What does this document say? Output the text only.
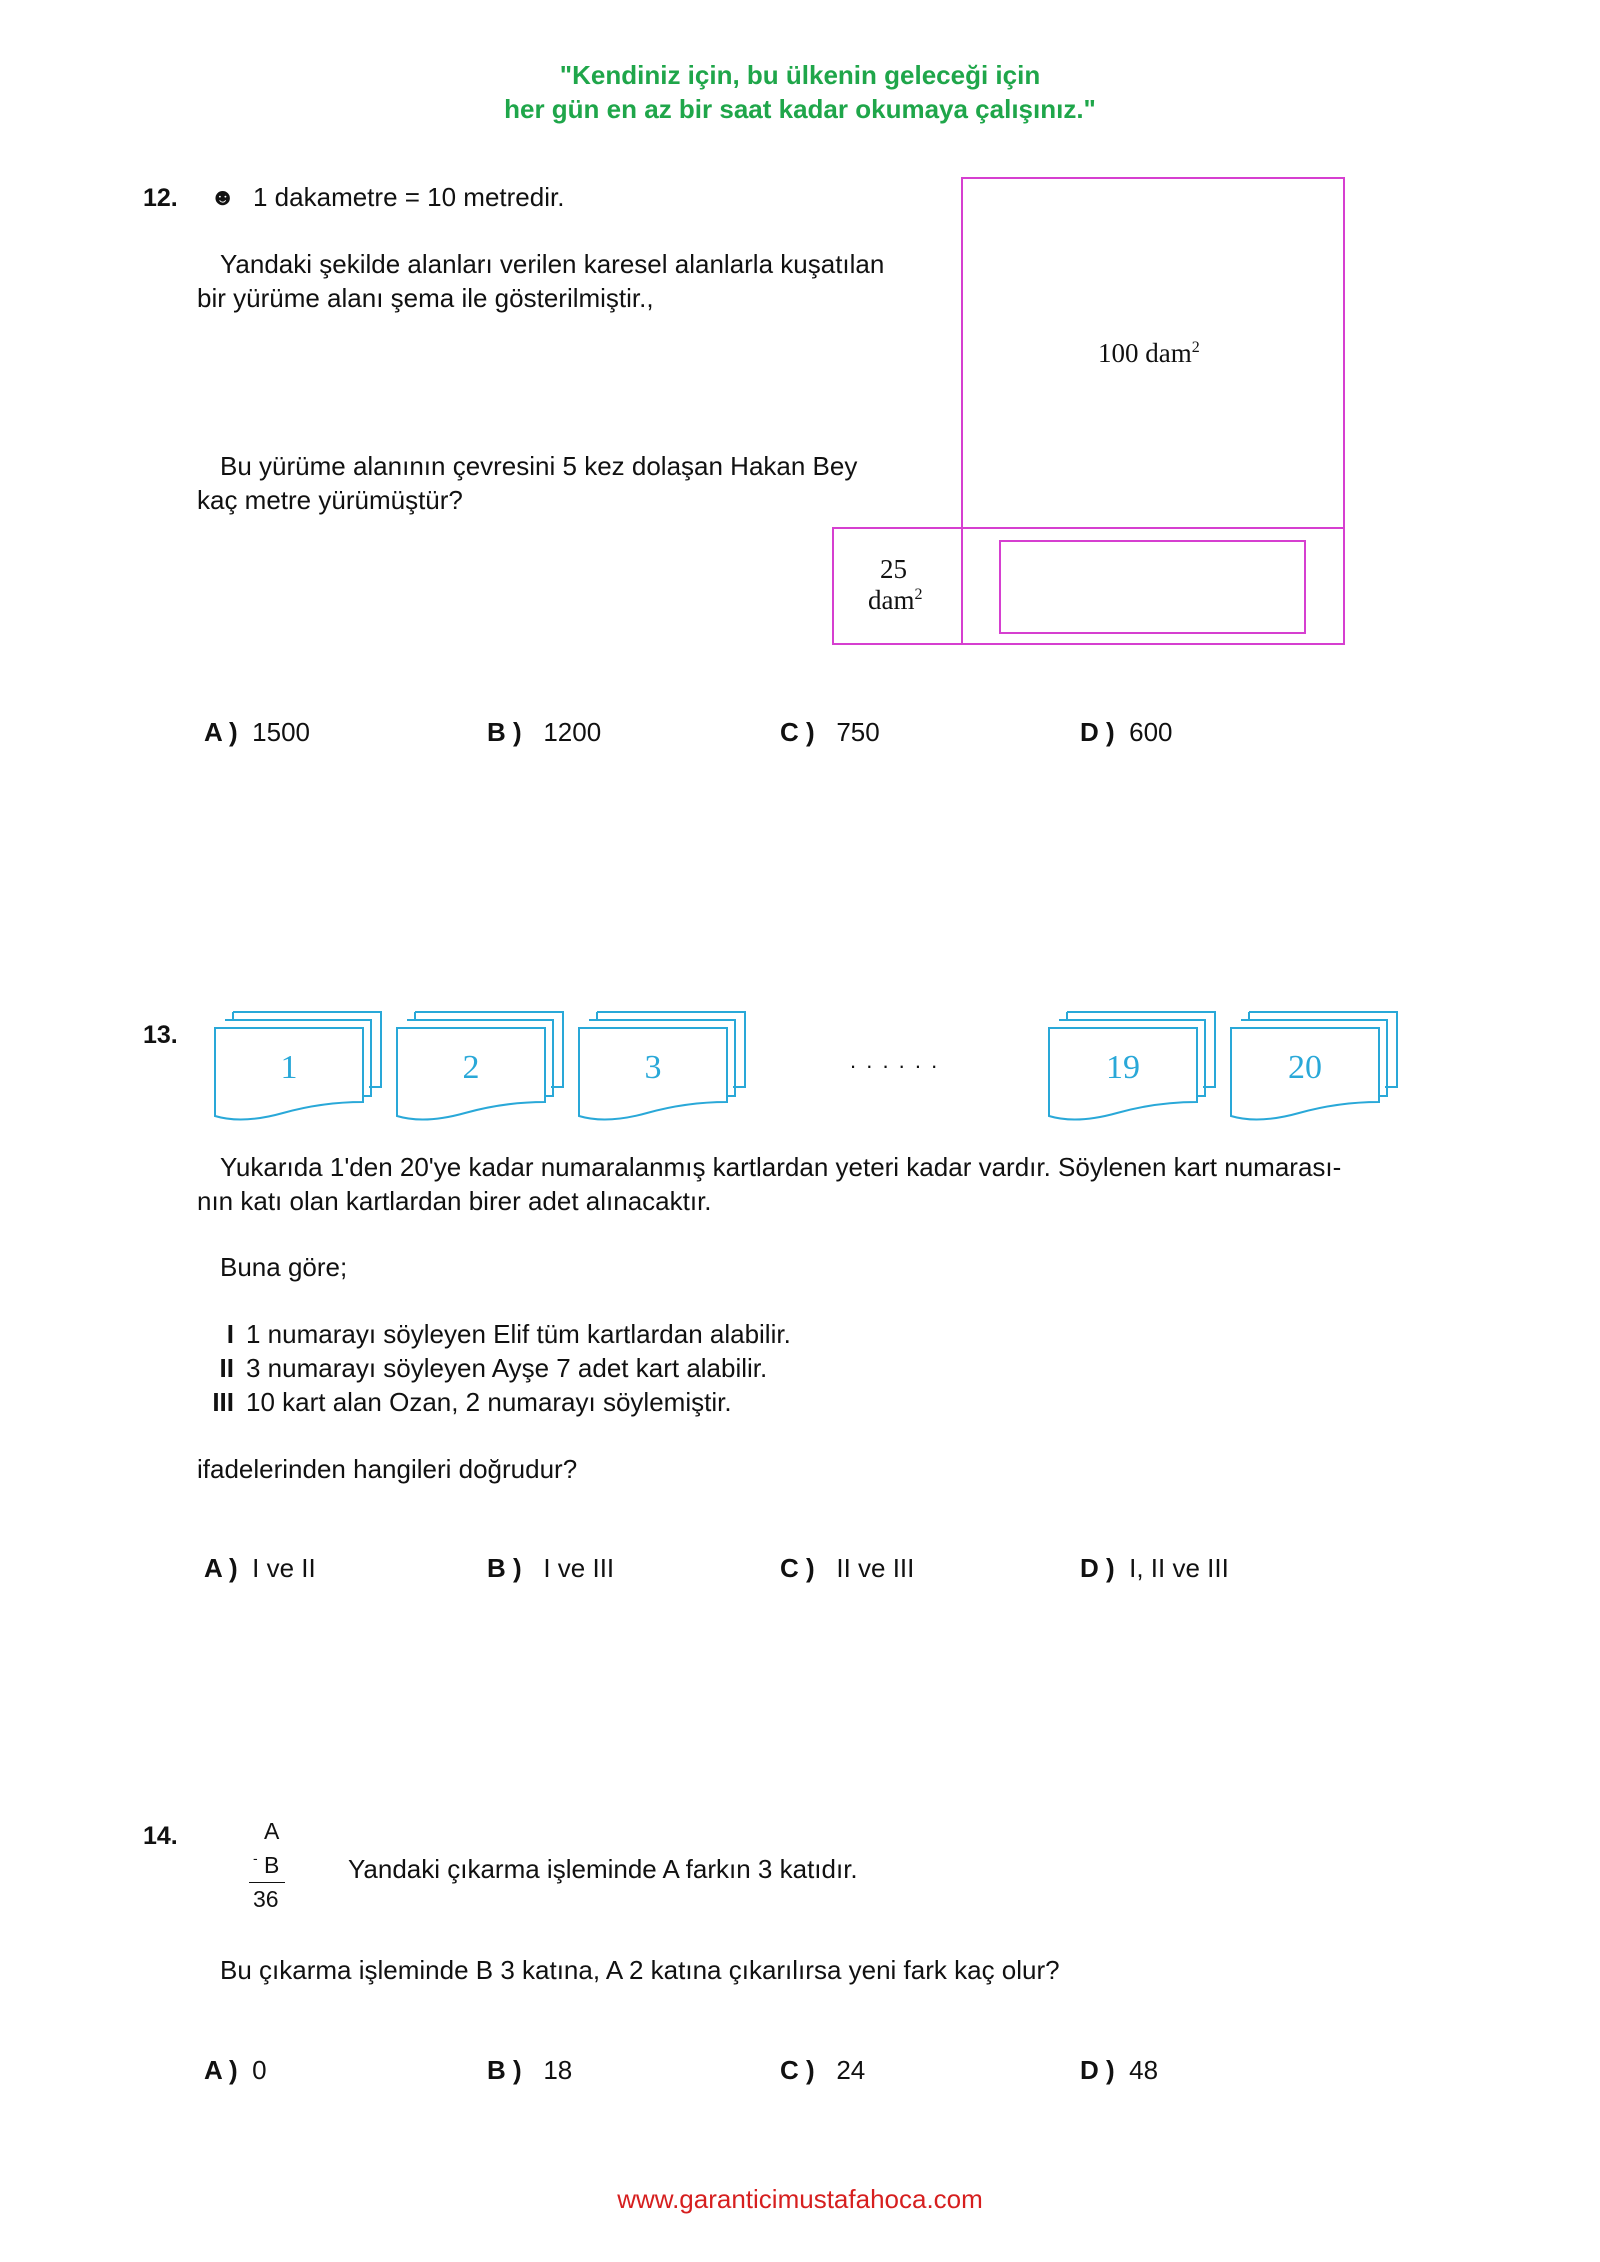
"Kendiniz için, bu ülkenin geleceği için
her gün en az bir saat kadar okumaya çalışınız."
12. ☻ 1 dakametre = 10 metredir.
Yandaki şekilde alanları verilen karesel alanlarla kuşatılan
bir yürüme alanı şema ile gösterilmiştir.,
Bu yürüme alanının çevresini 5 kez dolaşan Hakan Bey
kaç metre yürümüştür?
100 dam$^2$
25
dam$^2$
A ) 1500	B ) 1200	C ) 750	D ) 600
13.
1	2	3	19	20
. . . . . .
Yukarıda 1'den 20'ye kadar numaralanmış kartlardan yeteri kadar vardır. Söylenen kart numarası-
nın katı olan kartlardan birer adet alınacaktır.
Buna göre;
I 1 numarayı söyleyen Elif tüm kartlardan alabilir.
II 3 numarayı söyleyen Ayşe 7 adet kart alabilir.
III 10 kart alan Ozan, 2 numarayı söylemiştir.
ifadelerinden hangileri doğrudur?
A ) I ve II	B ) I ve III	C ) II ve III	D ) I, II ve III
14.	A
- B
36
Yandaki çıkarma işleminde A farkın 3 katıdır.
Bu çıkarma işleminde B 3 katına, A 2 katına çıkarılırsa yeni fark kaç olur?
A ) 0	B ) 18	C ) 24	D ) 48
www.garanticimustafahoca.com
